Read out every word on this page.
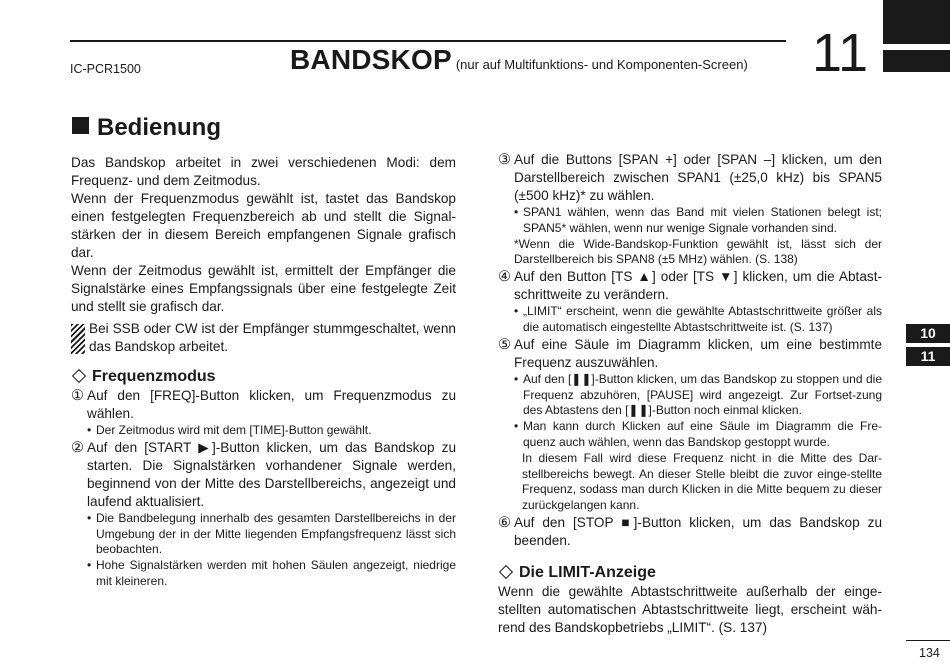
IC-PCR1500	BANDSKOP (nur auf Multifunktions- und Komponenten-Screen) 11
10
11
Bedienung

Das Bandskop arbeitet in zwei verschiedenen Modi: dem Frequenz- und dem Zeitmodus.

Wenn der Frequenzmodus gewählt ist, tastet das Bandskop einen festgelegten Frequenzbereich ab und stellt die Signal-stärken der in diesem Bereich empfangenen Signale grafisch dar.

Wenn der Zeitmodus gewählt ist, ermittelt der Empfänger die Signalstärke eines Empfangssignals über eine festgelegte Zeit und stellt sie grafisch dar.

Bei SSB oder CW ist der Empfänger stummgeschaltet, wenn das Bandskop arbeitet.
Frequenzmodus
① Auf den [FREQ]-Button klicken, um Frequenzmodus zu wählen.
• Der Zeitmodus wird mit dem [TIME]-Button gewählt.
② Auf den [START ▶]-Button klicken, um das Bandskop zu starten. Die Signalstärken vorhandener Signale werden, beginnend von der Mitte des Darstellbereichs, angezeigt und laufend aktualisiert.
• Die Bandbelegung innerhalb des gesamten Darstellbereichs in der Umgebung der in der Mitte liegenden Empfangsfrequenz lässt sich beobachten.
• Hohe Signalstärken werden mit hohen Säulen angezeigt, niedrige mit kleineren.
③ Auf die Buttons [SPAN +] oder [SPAN –] klicken, um den Darstellbereich zwischen SPAN1 (±25,0 kHz) bis SPAN5 (±500 kHz)* zu wählen.
• SPAN1 wählen, wenn das Band mit vielen Stationen belegt ist; SPAN5* wählen, wenn nur wenige Signale vorhanden sind.
*Wenn die Wide-Bandskop-Funktion gewählt ist, lässt sich der Darstellbereich bis SPAN8 (±5 MHz) wählen. (S. 138)
④ Auf den Button [TS ▲] oder [TS ▼] klicken, um die Abtast-schrittweite zu verändern.
• „LIMIT“ erscheint, wenn die gewählte Abtastschrittweite größer als die automatisch eingestellte Abtastschrittweite ist. (S. 137)
⑤ Auf eine Säule im Diagramm klicken, um eine bestimmte Frequenz auszuwählen.
• Auf den [❚❚]-Button klicken, um das Bandskop zu stoppen und die Frequenz abzuhören, [PAUSE] wird angezeigt. Zur Fortset-zung des Abtastens den [❚❚]-Button noch einmal klicken.
• Man kann durch Klicken auf eine Säule im Diagramm die Fre-quenz auch wählen, wenn das Bandskop gestoppt wurde.
In diesem Fall wird diese Frequenz nicht in die Mitte des Dar-stellbereichs bewegt. An dieser Stelle bleibt die zuvor einge-stellte Frequenz, sodass man durch Klicken in die Mitte bequem zu dieser zurückgelangen kann.
⑥ Auf den [STOP ■]-Button klicken, um das Bandskop zu beenden.
Die LIMIT-Anzeige

Wenn die gewählte Abtastschrittweite außerhalb der einge-stellten automatischen Abtastschrittweite liegt, erscheint wäh-rend des Bandskopbetriebs „LIMIT“. (S. 137)

134
